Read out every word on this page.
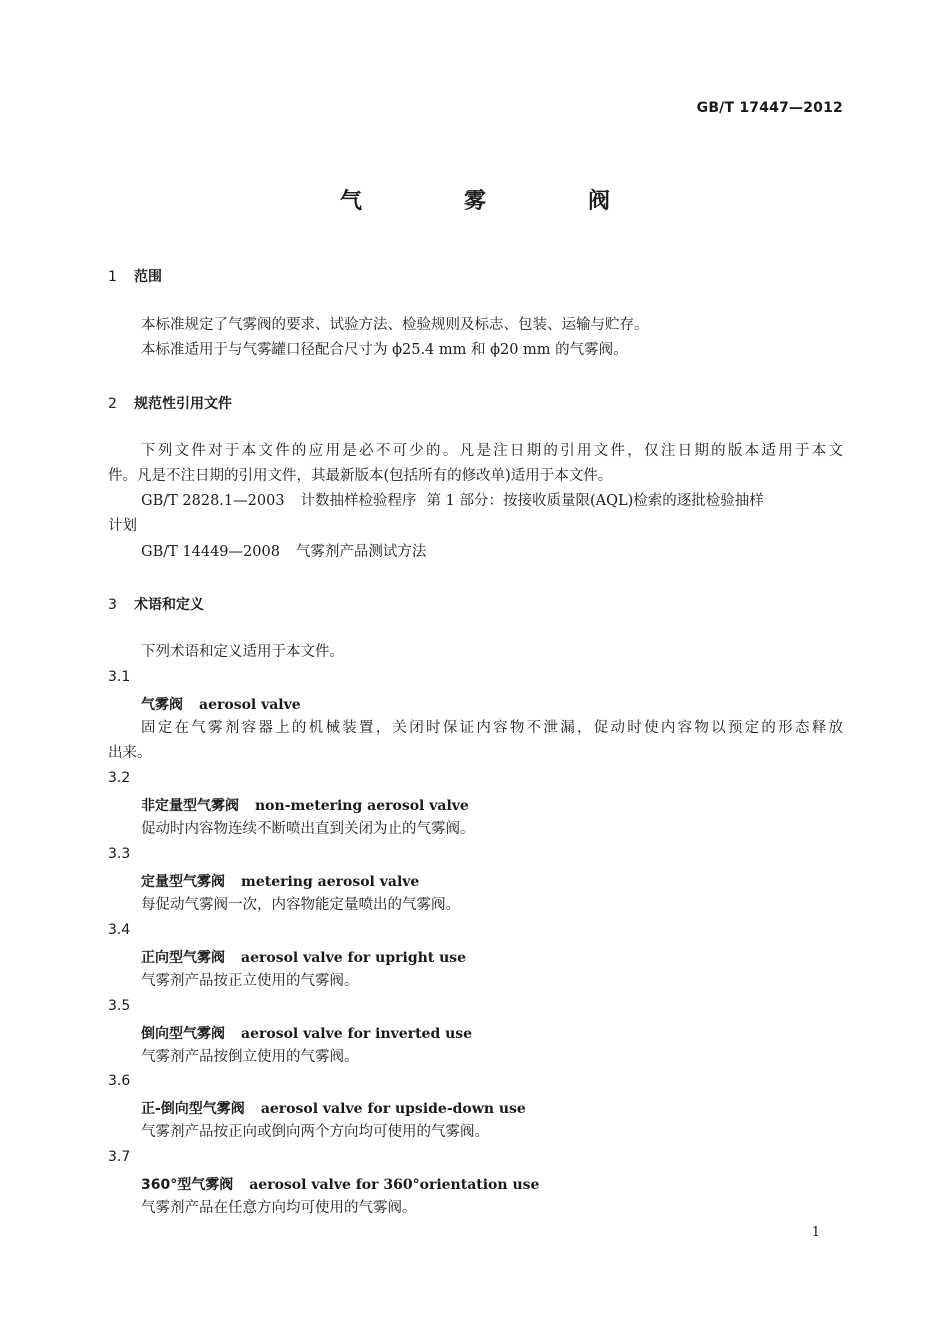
GB/T 17447—2012
气　雾　阀
1 范围
本标准规定了气雾阀的要求、试验方法、检验规则及标志、包装、运输与贮存。
本标准适用于与气雾罐口径配合尺寸为 ϕ25.4 mm 和 ϕ20 mm 的气雾阀。
2 规范性引用文件
下列文件对于本文件的应用是必不可少的。凡是注日期的引用文件，仅注日期的版本适用于本文
件。凡是不注日期的引用文件，其最新版本(包括所有的修改单)适用于本文件。
GB/T 2828.1—2003 计数抽样检验程序 第 1 部分：按接收质量限(AQL)检索的逐批检验抽样
计划
GB/T 14449—2008 气雾剂产品测试方法
3 术语和定义
下列术语和定义适用于本文件。
3.1
气雾阀 aerosol valve
固定在气雾剂容器上的机械装置，关闭时保证内容物不泄漏，促动时使内容物以预定的形态释放
出来。
3.2
非定量型气雾阀 non-metering aerosol valve
促动时内容物连续不断喷出直到关闭为止的气雾阀。
3.3
定量型气雾阀 metering aerosol valve
每促动气雾阀一次，内容物能定量喷出的气雾阀。
3.4
正向型气雾阀 aerosol valve for upright use
气雾剂产品按正立使用的气雾阀。
3.5
倒向型气雾阀 aerosol valve for inverted use
气雾剂产品按倒立使用的气雾阀。
3.6
正-倒向型气雾阀 aerosol valve for upside-down use
气雾剂产品按正向或倒向两个方向均可使用的气雾阀。
3.7
360°型气雾阀 aerosol valve for 360°orientation use
气雾剂产品在任意方向均可使用的气雾阀。
1
